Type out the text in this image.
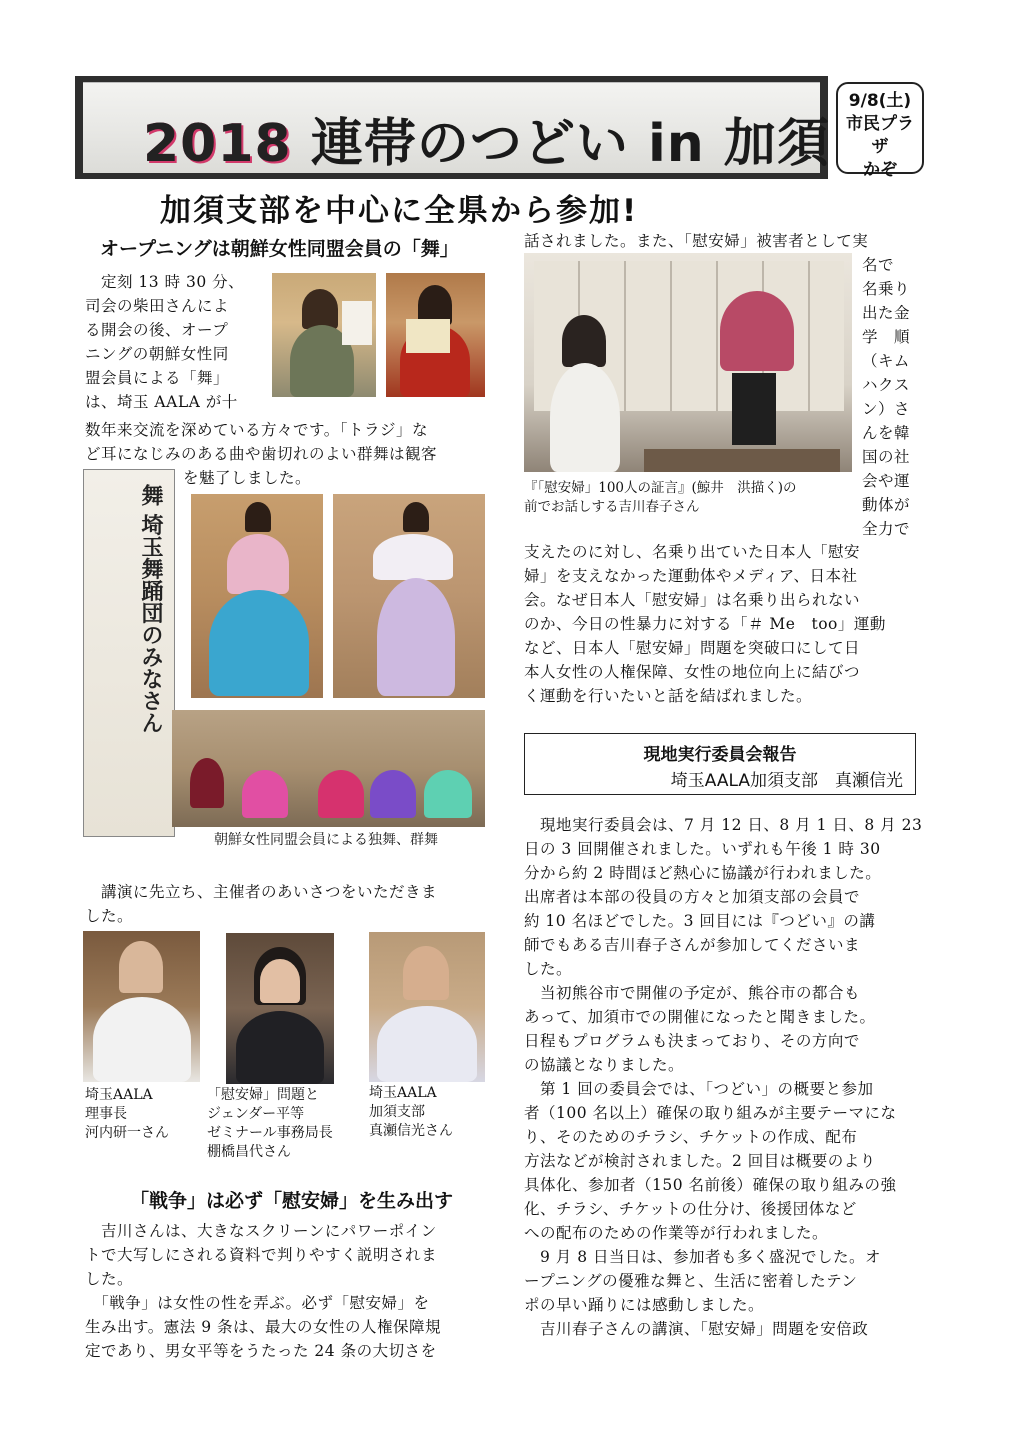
2018 連帯のつどい in 加須
9/8(土)
市民プラザ
かぞ
加須支部を中心に全県から参加!
オープニングは朝鮮女性同盟会員の「舞」
　定刻 13 時 30 分、
司会の柴田さんによ
る開会の後、オープ
ニングの朝鮮女性同
盟会員による「舞」
は、埼玉 AALA が十
数年来交流を深めている方々です。「トラジ」な
ど耳になじみのある曲や歯切れのよい群舞は観客
を魅了しました。
舞 埼玉舞踊団のみなさん
朝鮮女性同盟会員による独舞、群舞
　講演に先立ち、主催者のあいさつをいただきま
した。
埼玉AALA
理事長
河内研一さん
「慰安婦」問題と
ジェンダー平等
ゼミナール事務局長
棚橋昌代さん
埼玉AALA
加須支部
真瀬信光さん
「戦争」は必ず「慰安婦」を生み出す
　吉川さんは、大きなスクリーンにパワーポイン
トで大写しにされる資料で判りやすく説明されま
した。
　「戦争」は女性の性を弄ぶ。必ず「慰安婦」を
生み出す。憲法 9 条は、最大の女性の人権保障規
定であり、男女平等をうたった 24 条の大切さを
話されました。また、「慰安婦」被害者として実
名で
名乗り
出た金
学　順
（キム
ハクス
ン）さ
んを韓
国の社
会や運
動体が
全力で
『「慰安婦」100人の証言』(鯨井　洪描く)の
前でお話しする吉川春子さん
支えたのに対し、名乗り出ていた日本人「慰安
婦」を支えなかった運動体やメディア、日本社
会。なぜ日本人「慰安婦」は名乗り出られない
のか、今日の性暴力に対する「＃ Me　too」運動
など、日本人「慰安婦」問題を突破口にして日
本人女性の人権保障、女性の地位向上に結びつ
く運動を行いたいと話を結ばれました。
現地実行委員会報告
埼玉AALA加須支部　真瀬信光
　現地実行委員会は、7 月 12 日、8 月 1 日、8 月 23
日の 3 回開催されました。いずれも午後 1 時 30
分から約 2 時間ほど熱心に協議が行われました。
出席者は本部の役員の方々と加須支部の会員で
約 10 名ほどでした。3 回目には『つどい』の講
師でもある吉川春子さんが参加してくださいま
した。
　当初熊谷市で開催の予定が、熊谷市の都合も
あって、加須市での開催になったと聞きました。
日程もプログラムも決まっており、その方向で
の協議となりました。
　第 1 回の委員会では、「つどい」の概要と参加
者（100 名以上）確保の取り組みが主要テーマにな
り、そのためのチラシ、チケットの作成、配布
方法などが検討されました。2 回目は概要のより
具体化、参加者（150 名前後）確保の取り組みの強
化、チラシ、チケットの仕分け、後援団体など
への配布のための作業等が行われました。
　9 月 8 日当日は、参加者も多く盛況でした。オ
ープニングの優雅な舞と、生活に密着したテン
ポの早い踊りには感動しました。
　吉川春子さんの講演、「慰安婦」問題を安倍政
